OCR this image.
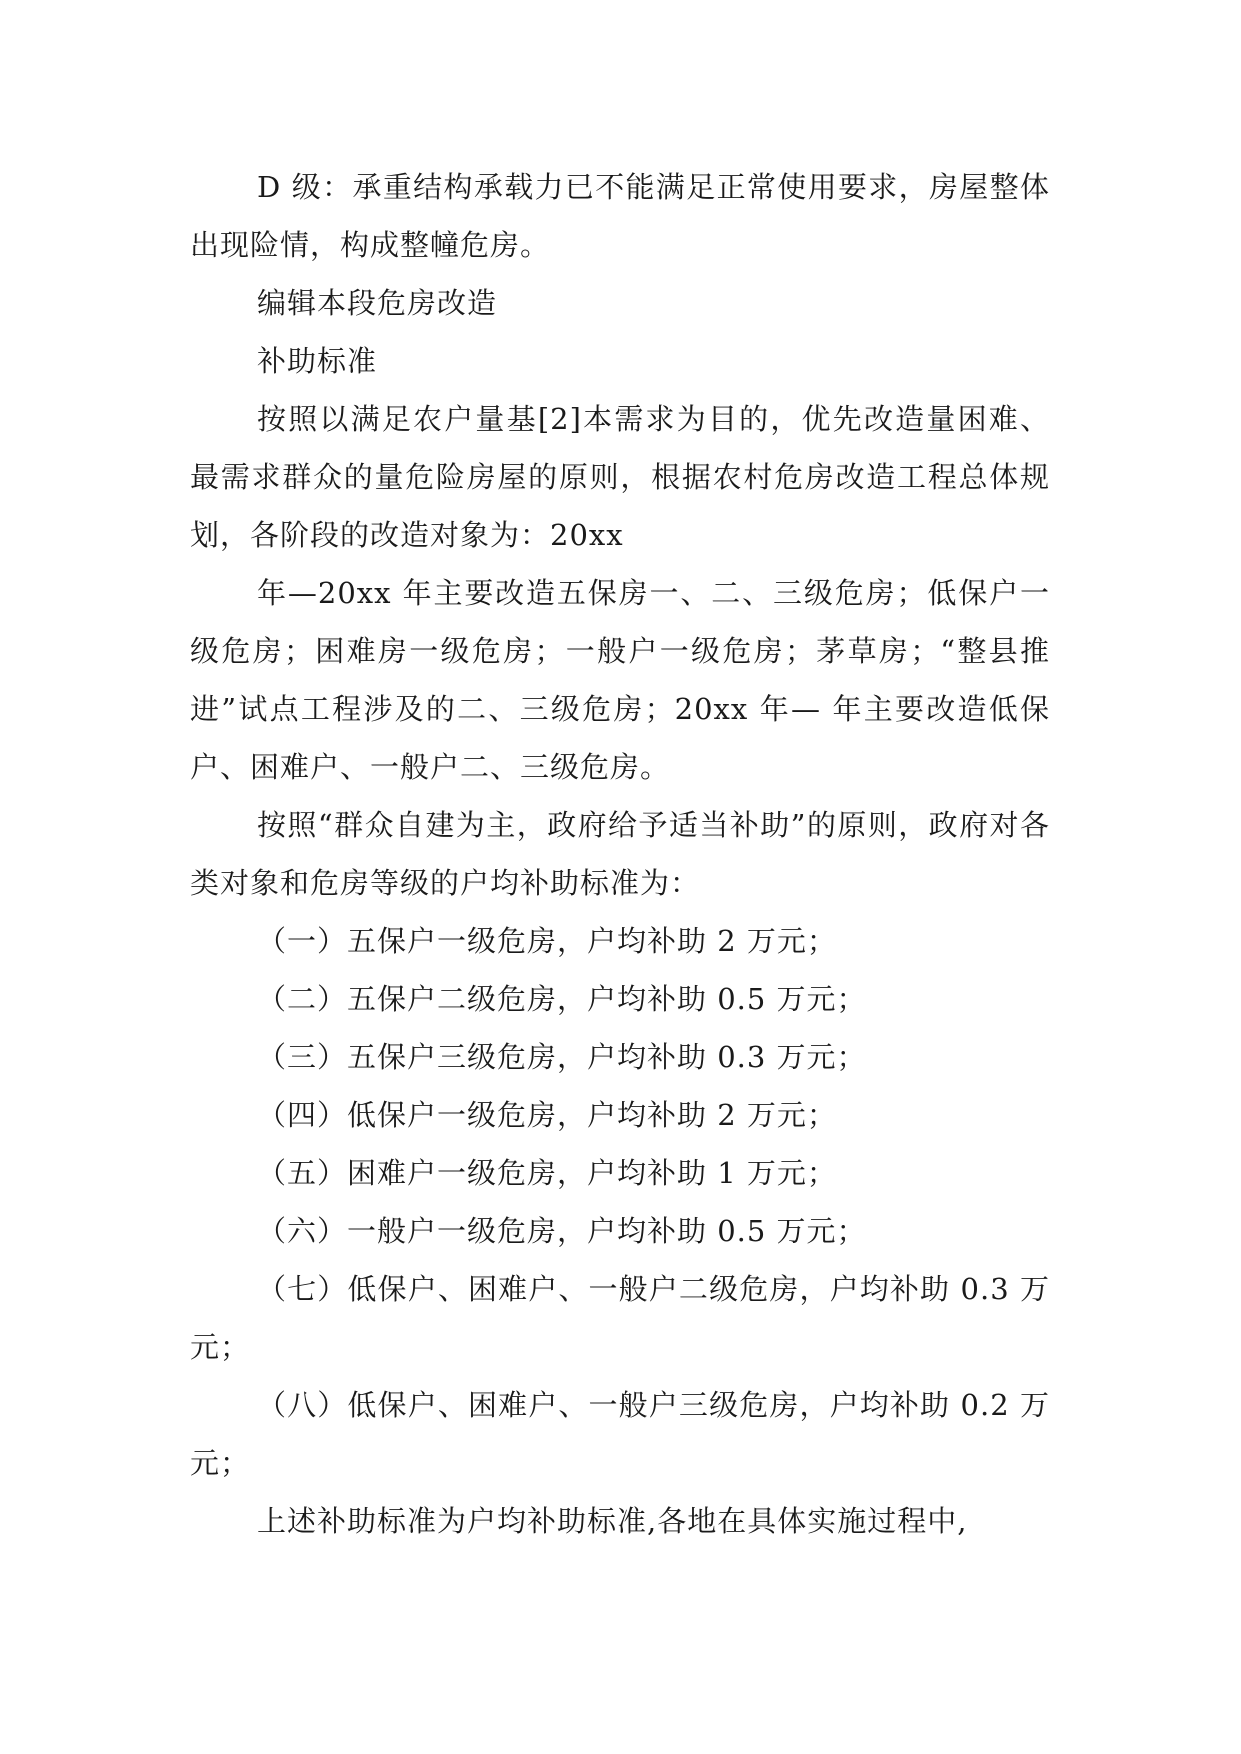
D 级：承重结构承载力已不能满足正常使用要求，房屋整体出现险情，构成整幢危房。

编辑本段危房改造

补助标准

按照以满足农户量基[2]本需求为目的，优先改造量困难、最需求群众的量危险房屋的原则，根据农村危房改造工程总体规划，各阶段的改造对象为：20xx

年—20xx 年主要改造五保房一、二、三级危房；低保户一级危房；困难房一级危房；一般户一级危房；茅草房；“整县推进”试点工程涉及的二、三级危房；20xx 年— 年主要改造低保户、困难户、一般户二、三级危房。

按照“群众自建为主，政府给予适当补助”的原则，政府对各类对象和危房等级的户均补助标准为：

（一）五保户一级危房，户均补助 2 万元；

（二）五保户二级危房，户均补助 0.5 万元；

（三）五保户三级危房，户均补助 0.3 万元；

（四）低保户一级危房，户均补助 2 万元；

（五）困难户一级危房，户均补助 1 万元；

（六）一般户一级危房，户均补助 0.5 万元；

（七）低保户、困难户、一般户二级危房，户均补助 0.3 万元；

（八）低保户、困难户、一般户三级危房，户均补助 0.2 万元；

上述补助标准为户均补助标准,各地在具体实施过程中,
